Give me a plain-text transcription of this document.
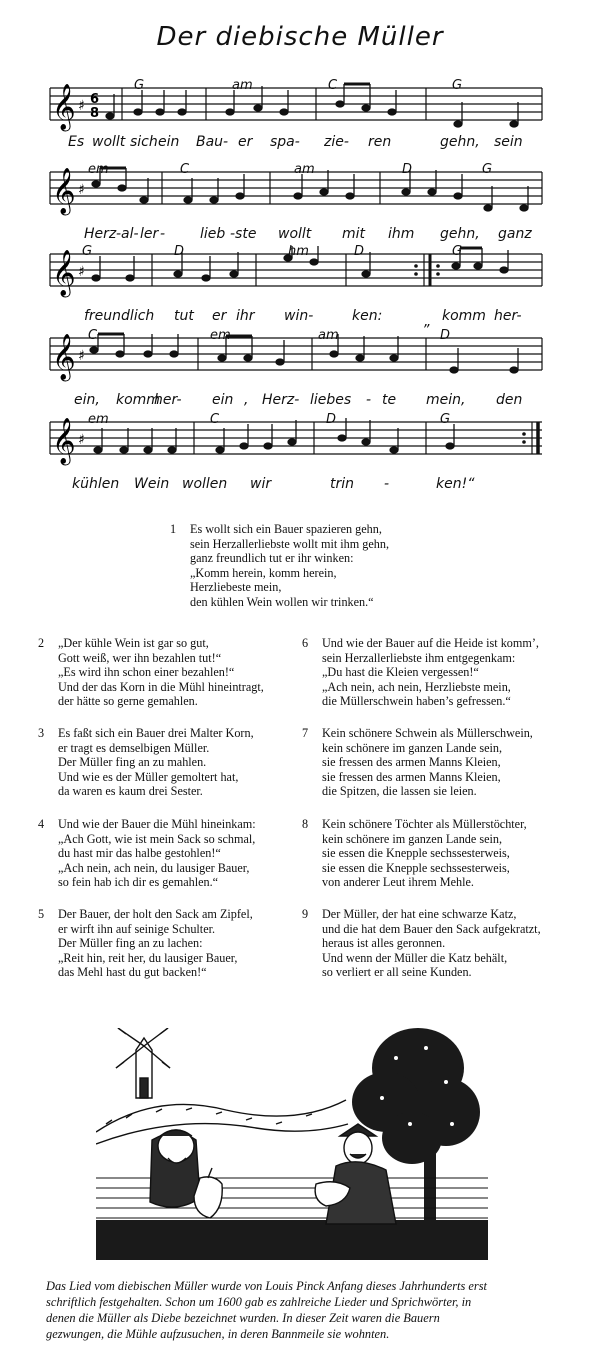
Der diebische Müller
𝄞 ♯ 6
8
G	am	C	G
Es wollt sich ein Bau- er spa- zie- ren	gehn, sein
𝄞 ♯
em	C	am	D	G
Herz -al- ler - lieb -ste wollt mit ihm gehn, ganz
𝄞 ♯
G	D	hm	D	G
freundlich tut er ihr win-	ken:	„ komm her-
𝄞 ♯
C	em	am	D
ein, komm
her- ein , Herz- liebes - te mein, den
𝄞 ♯
em	C	D	G
kühlen Wein wollen wir	trin -	ken!“
1	Es wollt sich ein Bauer spazieren gehn,
sein Herzallerliebste wollt mit ihm gehn,
ganz freundlich tut er ihr winken:
„Komm herein, komm herein,
Herzliebeste mein,
den kühlen Wein wollen wir trinken.“
2	„Der kühle Wein ist gar so gut,
Gott weiß, wer ihn bezahlen tut!“
„Es wird ihn schon einer bezahlen!“
Und der das Korn in die Mühl hineintragt,
der hätte so gerne gemahlen.
3	Es faßt sich ein Bauer drei Malter Korn,
er tragt es demselbigen Müller.
Der Müller fing an zu mahlen.
Und wie es der Müller gemoltert hat,
da waren es kaum drei Sester.
4	Und wie der Bauer die Mühl hineinkam:
„Ach Gott, wie ist mein Sack so schmal,
du hast mir das halbe gestohlen!“
„Ach nein, ach nein, du lausiger Bauer,
so fein hab ich dir es gemahlen.“
5	Der Bauer, der holt den Sack am Zipfel,
er wirft ihn auf seinige Schulter.
Der Müller fing an zu lachen:
„Reit hin, reit her, du lausiger Bauer,
das Mehl hast du gut backen!“
6	Und wie der Bauer auf die Heide ist komm’,
sein Herzallerliebste ihm entgegenkam:
„Du hast die Kleien vergessen!“
„Ach nein, ach nein, Herzliebste mein,
die Müllerschwein haben’s gefressen.“
7	Kein schönere Schwein als Müllerschwein,
kein schönere im ganzen Lande sein,
sie fressen des armen Manns Kleien,
sie fressen des armen Manns Kleien,
die Spitzen, die lassen sie leien.
8	Kein schönere Töchter als Müllerstöchter,
kein schönere im ganzen Lande sein,
sie essen die Knepple sechssesterweis,
sie essen die Knepple sechssesterweis,
von anderer Leut ihrem Mehle.
9	Der Müller, der hat eine schwarze Katz,
und die hat dem Bauer den Sack aufgekratzt,
heraus ist alles geronnen.
Und wenn der Müller die Katz behält,
so verliert er all seine Kunden.
Das Lied vom diebischen Müller wurde von Louis Pinck Anfang dieses Jahrhunderts erst
schriftlich festgehalten. Schon um 1600 gab es zahlreiche Lieder und Sprichwörter, in
denen die Müller als Diebe bezeichnet wurden. In dieser Zeit waren die Bauern
gezwungen, die Mühle aufzusuchen, in deren Bannmeile sie wohnten.
